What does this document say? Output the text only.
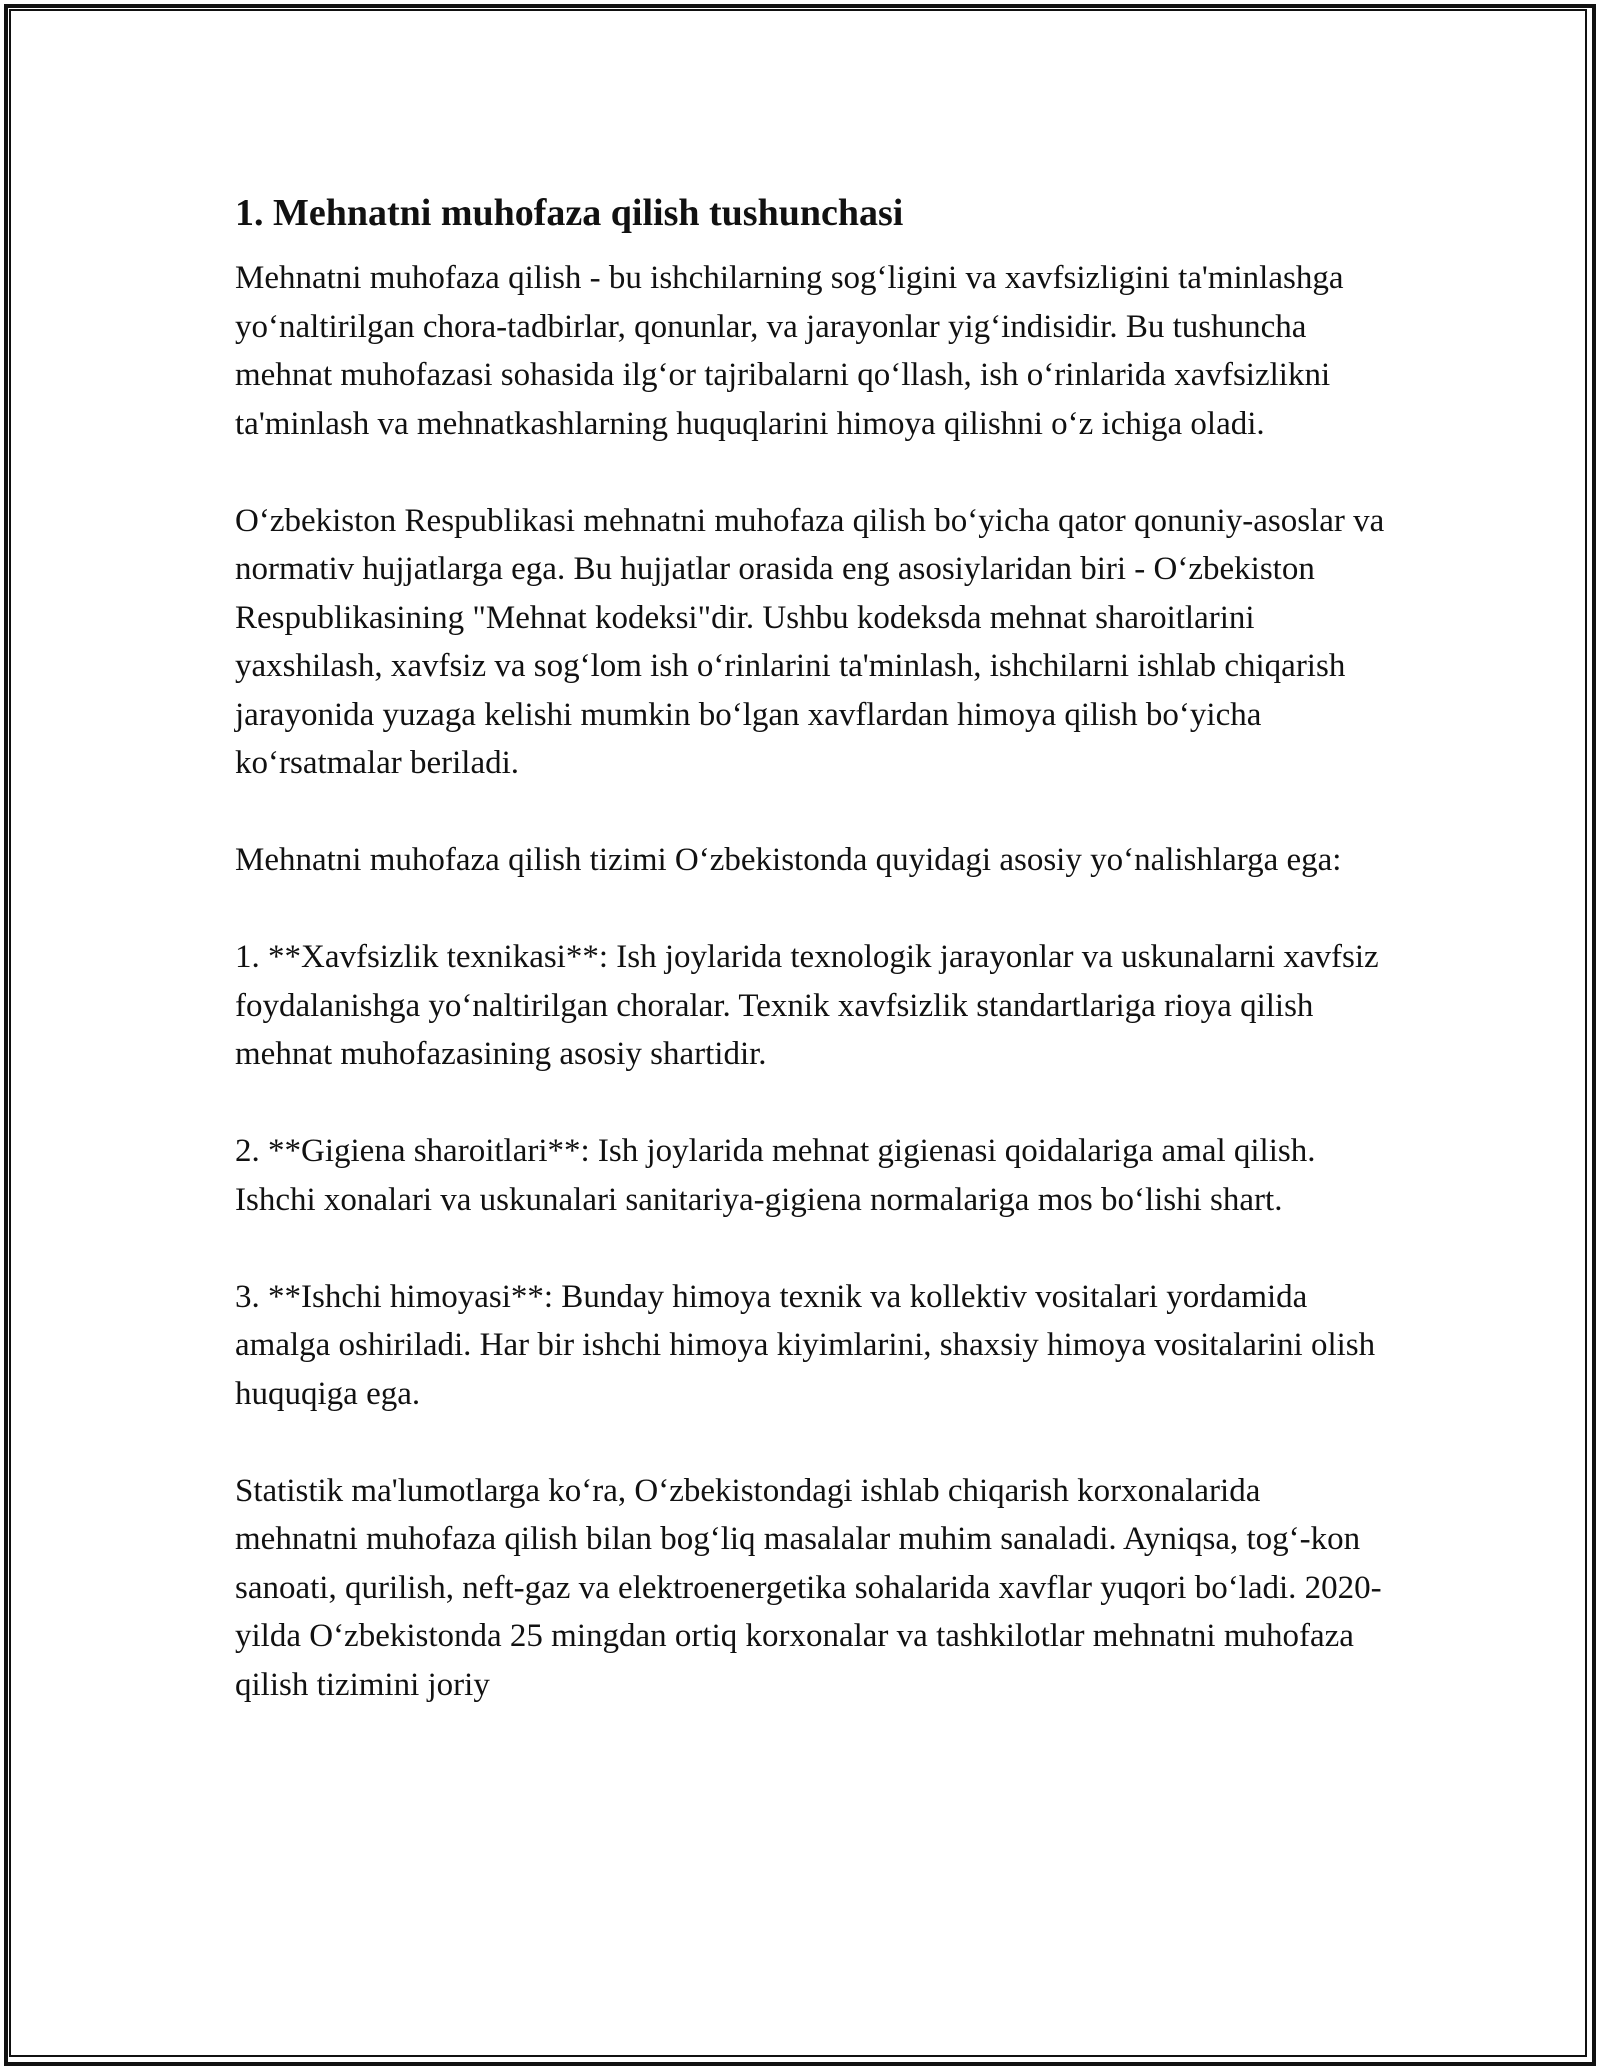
1. Mehnatni muhofaza qilish tushunchasi

Mehnatni muhofaza qilish - bu ishchilarning sog‘ligini va xavfsizligini ta'minlashga yo‘naltirilgan chora-tadbirlar, qonunlar, va jarayonlar yig‘indisidir. Bu tushuncha mehnat muhofazasi sohasida ilg‘or tajribalarni qo‘llash, ish o‘rinlarida xavfsizlikni ta'minlash va mehnatkashlarning huquqlarini himoya qilishni o‘z ichiga oladi.

O‘zbekiston Respublikasi mehnatni muhofaza qilish bo‘yicha qator qonuniy-asoslar va normativ hujjatlarga ega. Bu hujjatlar orasida eng asosiylaridan biri - O‘zbekiston Respublikasining "Mehnat kodeksi"dir. Ushbu kodeksda mehnat sharoitlarini yaxshilash, xavfsiz va sog‘lom ish o‘rinlarini ta'minlash, ishchilarni ishlab chiqarish jarayonida yuzaga kelishi mumkin bo‘lgan xavflardan himoya qilish bo‘yicha ko‘rsatmalar beriladi.

Mehnatni muhofaza qilish tizimi O‘zbekistonda quyidagi asosiy yo‘nalishlarga ega:

1. **Xavfsizlik texnikasi**: Ish joylarida texnologik jarayonlar va uskunalarni xavfsiz foydalanishga yo‘naltirilgan choralar. Texnik xavfsizlik standartlariga rioya qilish mehnat muhofazasining asosiy shartidir.

2. **Gigiena sharoitlari**: Ish joylarida mehnat gigienasi qoidalariga amal qilish. Ishchi xonalari va uskunalari sanitariya-gigiena normalariga mos bo‘lishi shart.

3. **Ishchi himoyasi**: Bunday himoya texnik va kollektiv vositalari yordamida amalga oshiriladi. Har bir ishchi himoya kiyimlarini, shaxsiy himoya vositalarini olish huquqiga ega.

Statistik ma'lumotlarga ko‘ra, O‘zbekistondagi ishlab chiqarish korxonalarida mehnatni muhofaza qilish bilan bog‘liq masalalar muhim sanaladi. Ayniqsa, tog‘-kon sanoati, qurilish, neft-gaz va elektroenergetika sohalarida xavflar yuqori bo‘ladi. 2020-yilda O‘zbekistonda 25 mingdan ortiq korxonalar va tashkilotlar mehnatni muhofaza qilish tizimini joriy
